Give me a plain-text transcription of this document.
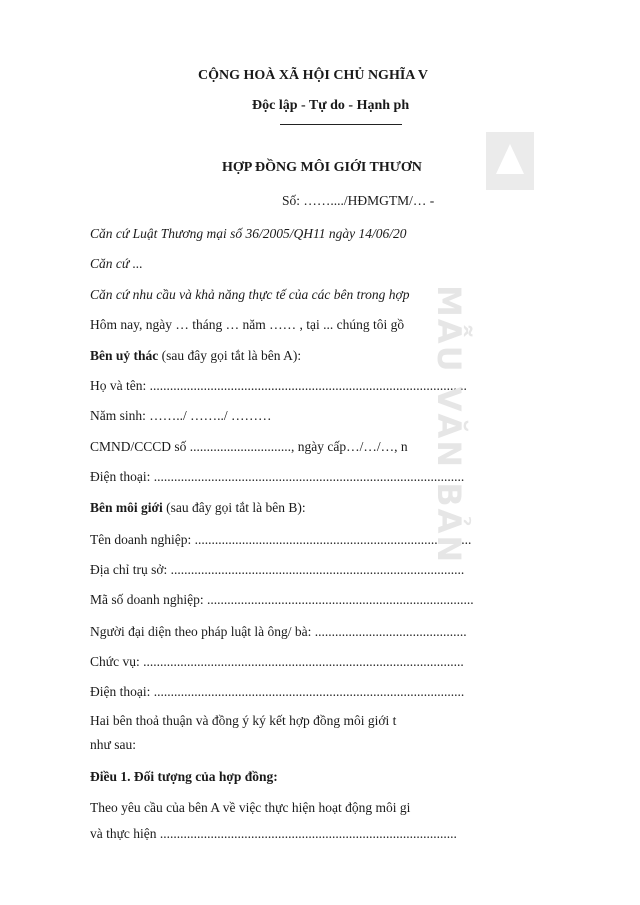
CỘNG HOÀ XÃ HỘI CHỦ NGHĨA V
Độc lập - Tự do - Hạnh ph
HỢP ĐỒNG MÔI GIỚI THƯƠN
Số: ……..../HĐMGTM/… -
Căn cứ Luật Thương mại số 36/2005/QH11 ngày 14/06/20
Căn cứ ...
Căn cứ nhu cầu và khả năng thực tế của các bên trong hợp
Hôm nay, ngày … tháng … năm …… , tại ... chúng tôi gồ
Bên uỷ thác (sau đây gọi tắt là bên A):
Họ và tên: ..............................................................................................
Năm sinh: ……../ ……../ ………
CMND/CCCD số .............................., ngày cấp…/…/…, n
Điện thoại: ............................................................................................
Bên môi giới (sau đây gọi tắt là bên B):
Tên doanh nghiệp: ..................................................................................
Địa chỉ trụ sở: .......................................................................................
Mã số doanh nghiệp: ...............................................................................
Người đại diện theo pháp luật là ông/ bà: .............................................
Chức vụ: ...............................................................................................
Điện thoại: ............................................................................................
Hai bên thoả thuận và đồng ý ký kết hợp đồng môi giới t
như sau:
Điều 1. Đối tượng của hợp đồng:
Theo yêu cầu của bên A về việc thực hiện hoạt động môi gi
và thực hiện ........................................................................................
MẪU VĂN BẢN
